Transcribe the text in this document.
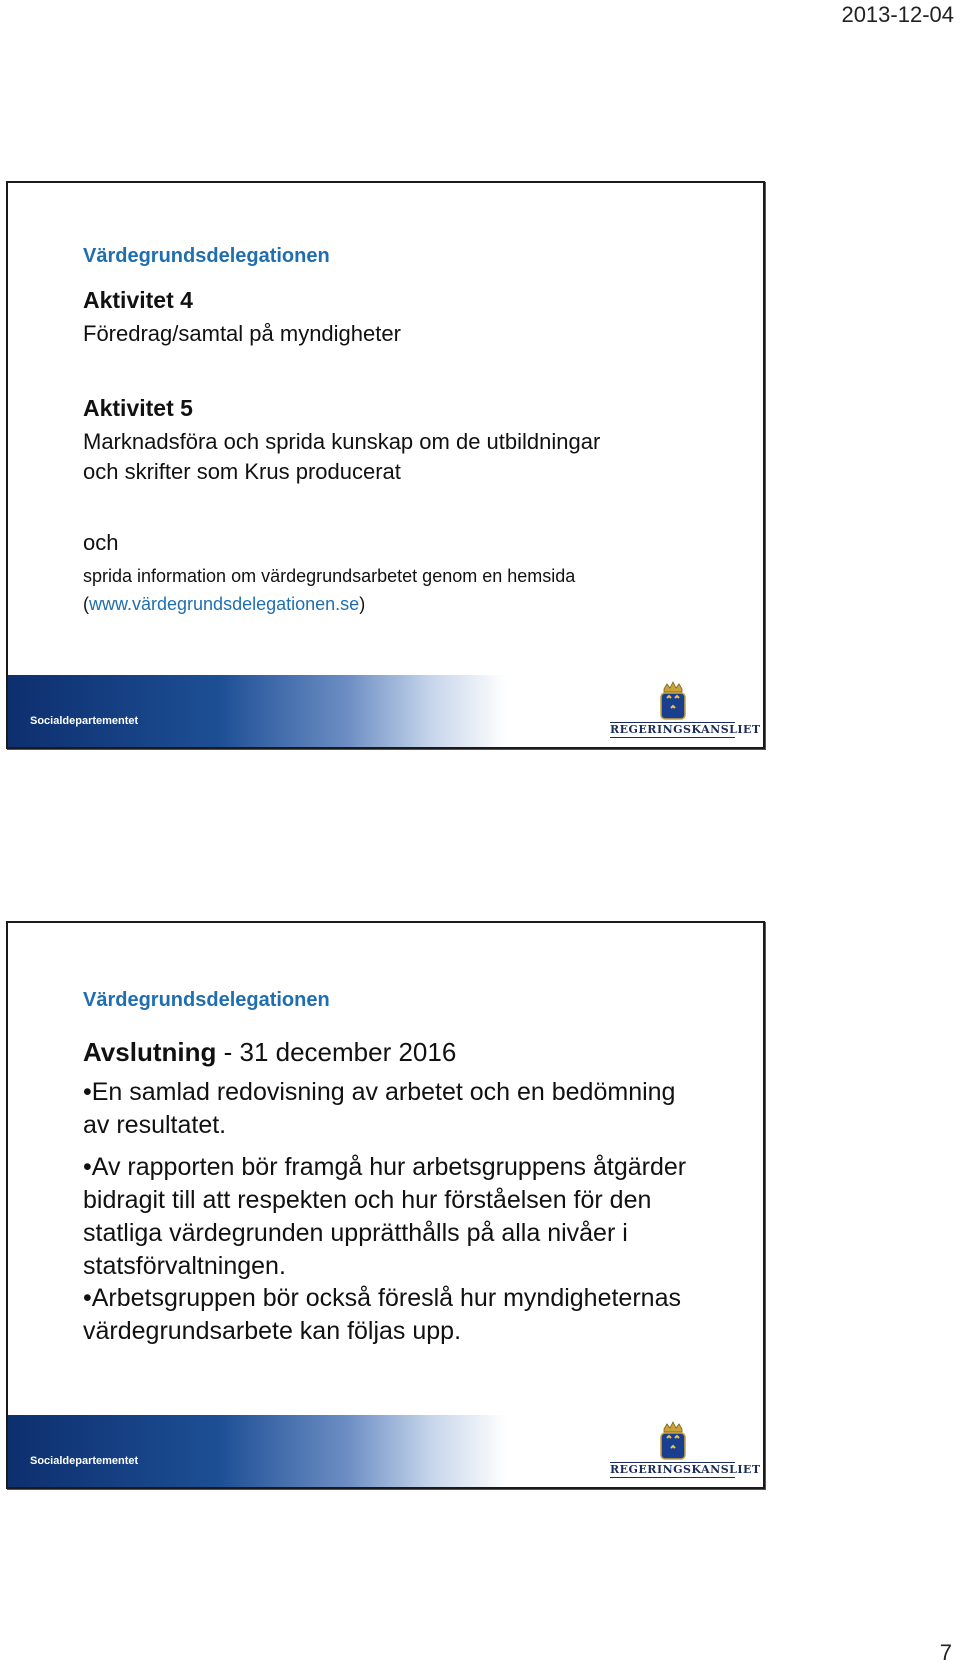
2013-12-04
Värdegrundsdelegationen
Aktivitet 4
Föredrag/samtal på myndigheter
Aktivitet 5
Marknadsföra och sprida kunskap om de utbildningar
och skrifter som Krus producerat
och
sprida information om värdegrundsarbetet genom en hemsida
(www.värdegrundsdelegationen.se)
Socialdepartementet
REGERINGSKANSLIET
Värdegrundsdelegationen
Avslutning - 31 december 2016
•En samlad redovisning av arbetet och en bedömning av resultatet.
•Av rapporten bör framgå hur arbetsgruppens åtgärder bidragit till att respekten och hur förståelsen för den statliga värdegrunden upprätthålls på alla nivåer i statsförvaltningen.
•Arbetsgruppen bör också föreslå hur myndigheternas värdegrundsarbete kan följas upp.
Socialdepartementet
REGERINGSKANSLIET
7
